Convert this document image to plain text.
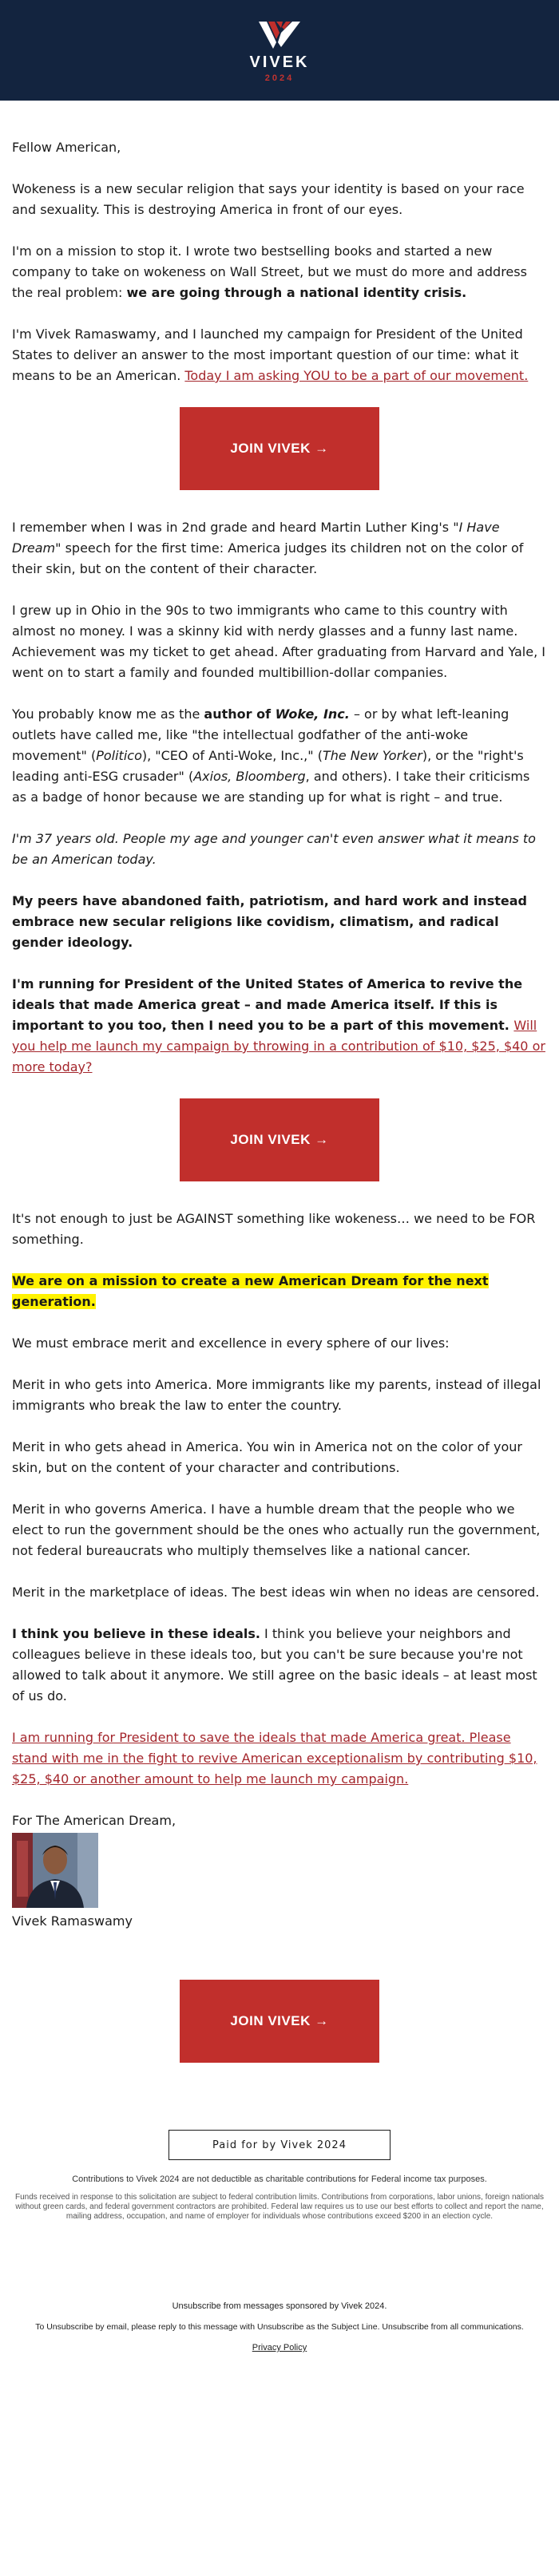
VIVEK
2024

Fellow American,

Wokeness is a new secular religion that says your identity is based on your race and sexuality. This is destroying America in front of our eyes.

I'm on a mission to stop it. I wrote two bestselling books and started a new company to take on wokeness on Wall Street, but we must do more and address the real problem: we are going through a national identity crisis.

I'm Vivek Ramaswamy, and I launched my campaign for President of the United States to deliver an answer to the most important question of our time: what it means to be an American. Today I am asking YOU to be a part of our movement.

JOIN VIVEK →

I remember when I was in 2nd grade and heard Martin Luther King's "I Have Dream" speech for the first time: America judges its children not on the color of their skin, but on the content of their character.

I grew up in Ohio in the 90s to two immigrants who came to this country with almost no money. I was a skinny kid with nerdy glasses and a funny last name. Achievement was my ticket to get ahead. After graduating from Harvard and Yale, I went on to start a family and founded multibillion-dollar companies.

You probably know me as the author of Woke, Inc. – or by what left-leaning outlets have called me, like "the intellectual godfather of the anti-woke movement" (Politico), "CEO of Anti-Woke, Inc.," (The New Yorker), or the "right's leading anti-ESG crusader" (Axios, Bloomberg, and others). I take their criticisms as a badge of honor because we are standing up for what is right – and true.

I'm 37 years old. People my age and younger can't even answer what it means to be an American today.

My peers have abandoned faith, patriotism, and hard work and instead embrace new secular religions like covidism, climatism, and radical gender ideology.

I'm running for President of the United States of America to revive the ideals that made America great – and made America itself. If this is important to you too, then I need you to be a part of this movement. Will you help me launch my campaign by throwing in a contribution of $10, $25, $40 or more today?

JOIN VIVEK →

It's not enough to just be AGAINST something like wokeness… we need to be FOR something.

We are on a mission to create a new American Dream for the next generation.

We must embrace merit and excellence in every sphere of our lives:

Merit in who gets into America. More immigrants like my parents, instead of illegal immigrants who break the law to enter the country.

Merit in who gets ahead in America. You win in America not on the color of your skin, but on the content of your character and contributions.

Merit in who governs America. I have a humble dream that the people who we elect to run the government should be the ones who actually run the government, not federal bureaucrats who multiply themselves like a national cancer.

Merit in the marketplace of ideas. The best ideas win when no ideas are censored.

I think you believe in these ideals. I think you believe your neighbors and colleagues believe in these ideals too, but you can't be sure because you're not allowed to talk about it anymore. We still agree on the basic ideals – at least most of us do.

I am running for President to save the ideals that made America great. Please stand with me in the fight to revive American exceptionalism by contributing $10, $25, $40 or another amount to help me launch my campaign.

For The American Dream,
Vivek Ramaswamy
JOIN VIVEK →
Paid for by Vivek 2024
Contributions to Vivek 2024 are not deductible as charitable contributions for Federal income tax purposes.
Funds received in response to this solicitation are subject to federal contribution limits. Contributions from corporations, labor unions, foreign nationals without green cards, and federal government contractors are prohibited. Federal law requires us to use our best efforts to collect and report the name, mailing address, occupation, and name of employer for individuals whose contributions exceed $200 in an election cycle.
Unsubscribe from messages sponsored by Vivek 2024.
To Unsubscribe by email, please reply to this message with Unsubscribe as the Subject Line. Unsubscribe from all communications.
Privacy Policy
